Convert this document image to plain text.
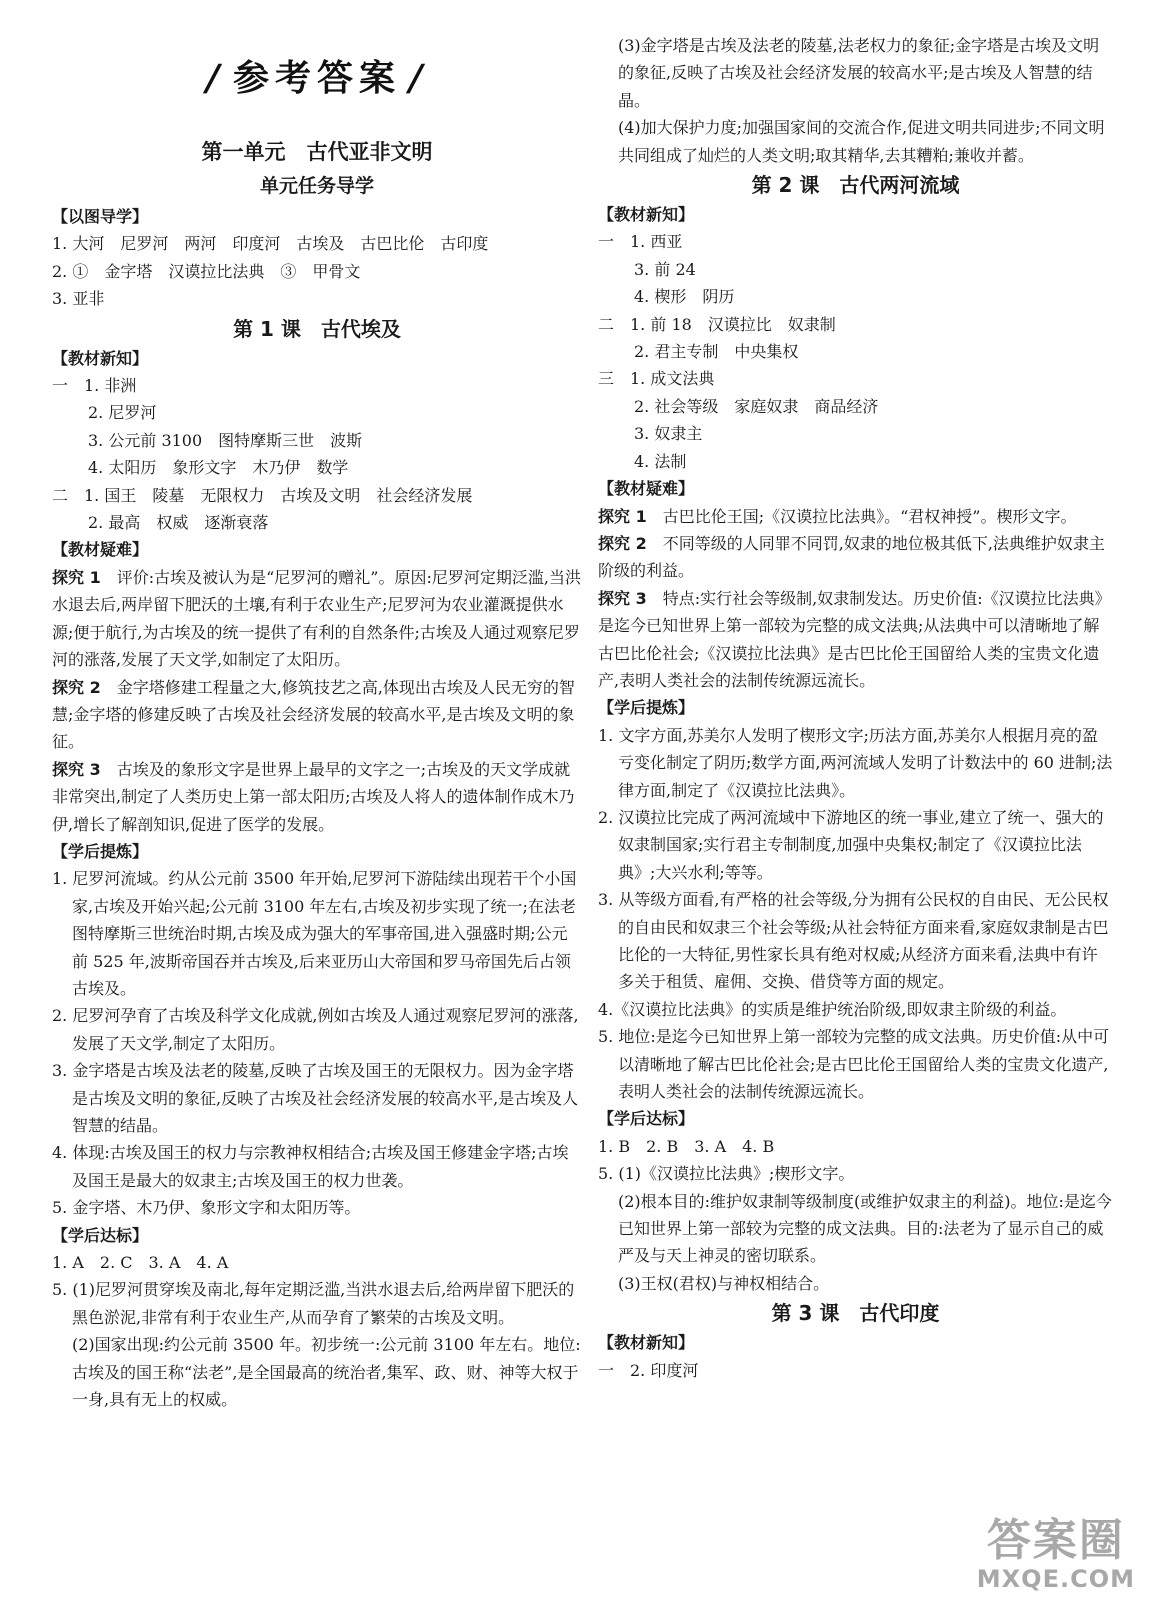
/ 参考答案 /
第一单元　古代亚非文明
单元任务导学
【以图导学】
1. 大河　尼罗河　两河　印度河　古埃及　古巴比伦　古印度
2. ①　金字塔　汉谟拉比法典　③　甲骨文
3. 亚非
第 1 课　古代埃及
【教材新知】
一　1. 非洲
2. 尼罗河
3. 公元前 3100　图特摩斯三世　波斯
4. 太阳历　象形文字　木乃伊　数学
二　1. 国王　陵墓　无限权力　古埃及文明　社会经济发展
2. 最高　权威　逐渐衰落
【教材疑难】
探究 1　 评价:古埃及被认为是“尼罗河的赠礼”。原因:尼罗河定期泛滥,当洪水退去后,两岸留下肥沃的土壤,有利于农业生产;尼罗河为农业灌溉提供水源;便于航行,为古埃及的统一提供了有利的自然条件;古埃及人通过观察尼罗河的涨落,发展了天文学,如制定了太阳历。
探究 2　 金字塔修建工程量之大,修筑技艺之高,体现出古埃及人民无穷的智慧;金字塔的修建反映了古埃及社会经济发展的较高水平,是古埃及文明的象征。
探究 3　 古埃及的象形文字是世界上最早的文字之一;古埃及的天文学成就非常突出,制定了人类历史上第一部太阳历;古埃及人将人的遗体制作成木乃伊,增长了解剖知识,促进了医学的发展。
【学后提炼】
1. 尼罗河流域。约从公元前 3500 年开始,尼罗河下游陆续出现若干个小国家,古埃及开始兴起;公元前 3100 年左右,古埃及初步实现了统一;在法老图特摩斯三世统治时期,古埃及成为强大的军事帝国,进入强盛时期;公元前 525 年,波斯帝国吞并古埃及,后来亚历山大帝国和罗马帝国先后占领古埃及。
2. 尼罗河孕育了古埃及科学文化成就,例如古埃及人通过观察尼罗河的涨落,发展了天文学,制定了太阳历。
3. 金字塔是古埃及法老的陵墓,反映了古埃及国王的无限权力。因为金字塔是古埃及文明的象征,反映了古埃及社会经济发展的较高水平,是古埃及人智慧的结晶。
4. 体现:古埃及国王的权力与宗教神权相结合;古埃及国王修建金字塔;古埃及国王是最大的奴隶主;古埃及国王的权力世袭。
5. 金字塔、木乃伊、象形文字和太阳历等。
【学后达标】
1. A　2. C　3. A　4. A
5. (1)尼罗河贯穿埃及南北,每年定期泛滥,当洪水退去后,给两岸留下肥沃的黑色淤泥,非常有利于农业生产,从而孕育了繁荣的古埃及文明。
(2)国家出现:约公元前 3500 年。初步统一:公元前 3100 年左右。地位:古埃及的国王称“法老”,是全国最高的统治者,集军、政、财、神等大权于一身,具有无上的权威。
(3)金字塔是古埃及法老的陵墓,法老权力的象征;金字塔是古埃及文明的象征,反映了古埃及社会经济发展的较高水平;是古埃及人智慧的结晶。
(4)加大保护力度;加强国家间的交流合作,促进文明共同进步;不同文明共同组成了灿烂的人类文明;取其精华,去其糟粕;兼收并蓄。
第 2 课　古代两河流域
【教材新知】
一　1. 西亚
3. 前 24
4. 楔形　阴历
二　1. 前 18　汉谟拉比　奴隶制
2. 君主专制　中央集权
三　1. 成文法典
2. 社会等级　家庭奴隶　商品经济
3. 奴隶主
4. 法制
【教材疑难】
探究 1　 古巴比伦王国;《汉谟拉比法典》。“君权神授”。楔形文字。
探究 2　 不同等级的人同罪不同罚,奴隶的地位极其低下,法典维护奴隶主阶级的利益。
探究 3　 特点:实行社会等级制,奴隶制发达。历史价值:《汉谟拉比法典》是迄今已知世界上第一部较为完整的成文法典;从法典中可以清晰地了解古巴比伦社会;《汉谟拉比法典》是古巴比伦王国留给人类的宝贵文化遗产,表明人类社会的法制传统源远流长。
【学后提炼】
1. 文字方面,苏美尔人发明了楔形文字;历法方面,苏美尔人根据月亮的盈亏变化制定了阴历;数学方面,两河流域人发明了计数法中的 60 进制;法律方面,制定了《汉谟拉比法典》。
2. 汉谟拉比完成了两河流域中下游地区的统一事业,建立了统一、强大的奴隶制国家;实行君主专制制度,加强中央集权;制定了《汉谟拉比法典》;大兴水利;等等。
3. 从等级方面看,有严格的社会等级,分为拥有公民权的自由民、无公民权的自由民和奴隶三个社会等级;从社会特征方面来看,家庭奴隶制是古巴比伦的一大特征,男性家长具有绝对权威;从经济方面来看,法典中有许多关于租赁、雇佣、交换、借贷等方面的规定。
4.《汉谟拉比法典》的实质是维护统治阶级,即奴隶主阶级的利益。
5. 地位:是迄今已知世界上第一部较为完整的成文法典。历史价值:从中可以清晰地了解古巴比伦社会;是古巴比伦王国留给人类的宝贵文化遗产,表明人类社会的法制传统源远流长。
【学后达标】
1. B　2. B　3. A　4. B
5. (1)《汉谟拉比法典》;楔形文字。
(2)根本目的:维护奴隶制等级制度(或维护奴隶主的利益)。地位:是迄今已知世界上第一部较为完整的成文法典。目的:法老为了显示自己的威严及与天上神灵的密切联系。
(3)王权(君权)与神权相结合。
第 3 课　古代印度
【教材新知】
一　2. 印度河
答案圈
MXQE.COM
